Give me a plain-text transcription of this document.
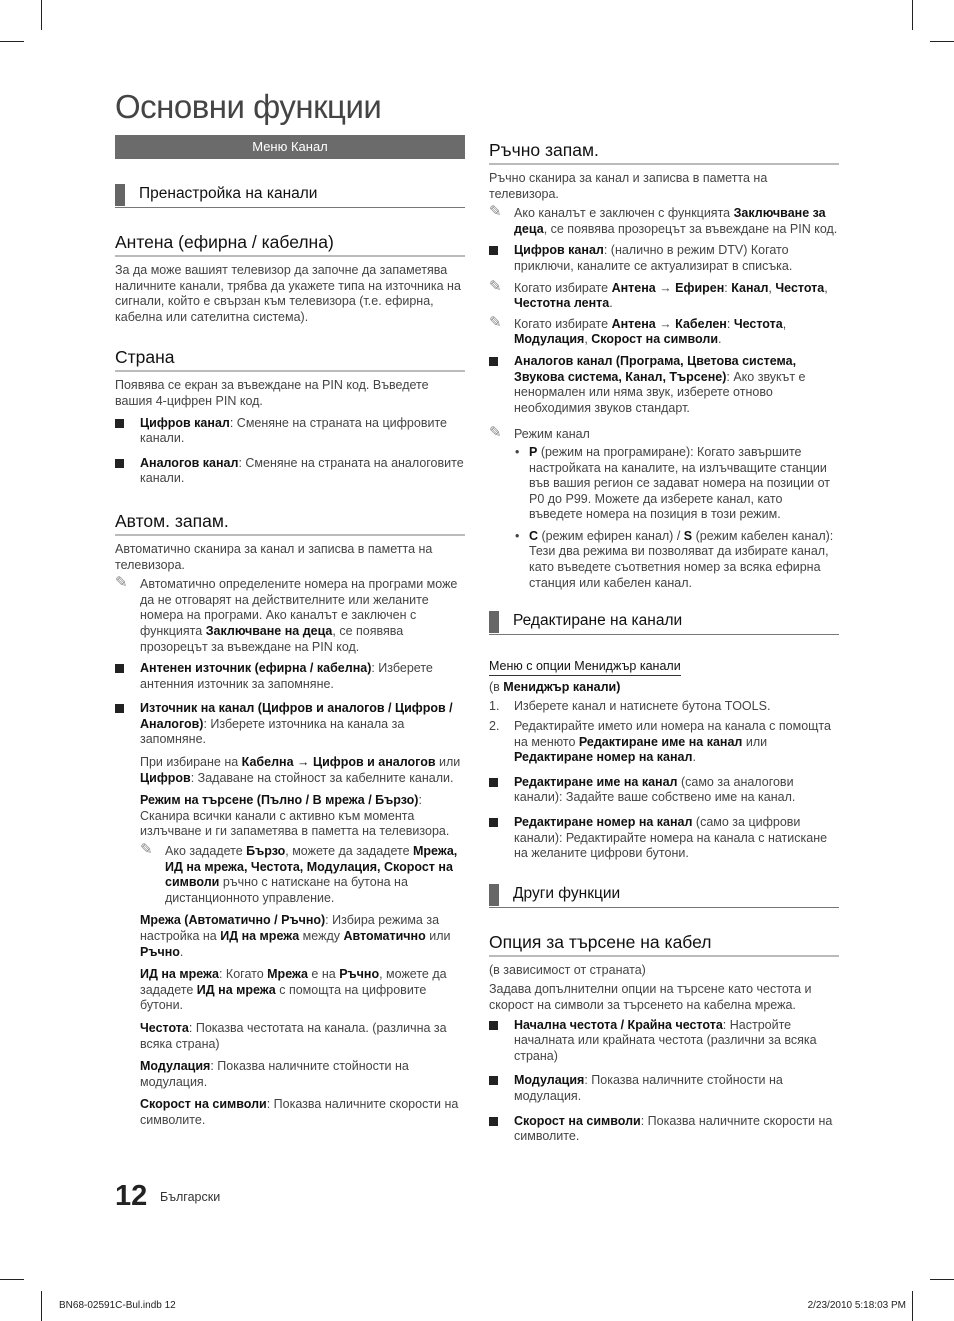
Основни функции
Меню Канал
Пренастройка на канали
Антена (ефирна / кабелна)

За да може вашият телевизор да започне да запаметява наличните канали, трябва да укажете типа на източника на сигнали, който е свързан към телевизора (т.е. ефирна, кабелна или сателитна система).

Страна

Появява се екран за въвеждане на PIN код. Въведете вашия 4-цифрен PIN код.

Цифров канал: Сменяне на страната на цифровите канали.
Аналогов канал: Сменяне на страната на аналоговите канали.
Автом. запам.

Автоматично сканира за канал и записва в паметта на телевизора.

✎ Автоматично определените номера на програми може да не отговарят на действителните или желаните номера на програми. Ако каналът е заключен с функцията Заключване на деца, се появява прозорецът за въвеждане на PIN код.
Антенен източник (ефирна / кабелна): Изберете антенния източник за запомняне.
Източник на канал (Цифров и аналогов / Цифров / Аналогов): Изберете източника на канала за запомняне.

При избиране на Кабелна → Цифров и аналогов или Цифров: Задаване на стойност за кабелните канали.

Режим на търсене (Пълно / В мрежа / Бързо): Сканира всички канали с активно към момента излъчване и ги запаметява в паметта на телевизора.

✎ Ако зададете Бързо, можете да зададете Мрежа, ИД на мрежа, Честота, Модулация, Скорост на символи ръчно с натискане на бутона на дистанционното управление.

Мрежа (Автоматично / Ръчно): Избира режима за настройка на ИД на мрежа между Автоматично или Ръчно.

ИД на мрежа: Когато Мрежа е на Ръчно, можете да зададете ИД на мрежа с помощта на цифровите бутони.

Честота: Показва честотата на канала. (различна за всяка страна)

Модулация: Показва наличните стойности на модулация.

Скорост на символи: Показва наличните скорости на символите.

Ръчно запам.

Ръчно сканира за канал и записва в паметта на телевизора.

✎ Ако каналът е заключен с функцията Заключване за деца, се появява прозорецът за въвеждане на PIN код.
Цифров канал: (налично в режим DTV) Когато приключи, каналите се актуализират в списъка.
✎ Когато избирате Антена → Ефирен: Канал, Честота, Честотна лента.
✎ Когато избирате Антена → Кабелен: Честота, Модулация, Скорост на символи.
Аналогов канал (Програма, Цветова система, Звукова система, Канал, Търсене): Ако звукът е ненормален или няма звук, изберете отново необходимия звуков стандарт.
✎ Режим канал
• P (режим на програмиране): Когато завършите настройката на каналите, на излъчващите станции във вашия регион се задават номера на позиции от P0 до P99. Можете да изберете канал, като въведете номера на позиция в този режим.
• C (режим ефирен канал) / S (режим кабелен канал): Тези два режима ви позволяват да избирате канал, като въведете съответния номер за всяка ефирна станция или кабелен канал.
Редактиране на канали
Меню с опции Мениджър канали

(в Мениджър канали)

1. Изберете канал и натиснете бутона TOOLS.
2. Редактирайте името или номера на канала с помощта на менюто Редактиране име на канал или Редактиране номер на канал.
Редактиране име на канал (само за аналогови канали): Задайте ваше собствено име на канал.
Редактиране номер на канал (само за цифрови канали): Редактирайте номера на канала с натискане на желаните цифрови бутони.
Други функции
Опция за търсене на кабел

(в зависимост от страната)

Задава допълнителни опции на търсене като честота и скорост на символи за търсенето на кабелна мрежа.

Начална честота / Крайна честота: Настройте началната или крайната честота (различни за всяка страна)
Модулация: Показва наличните стойности на модулация.
Скорост на символи: Показва наличните скорости на символите.
12 Български
BN68-02591C-Bul.indb 12	2/23/2010 5:18:03 PM
